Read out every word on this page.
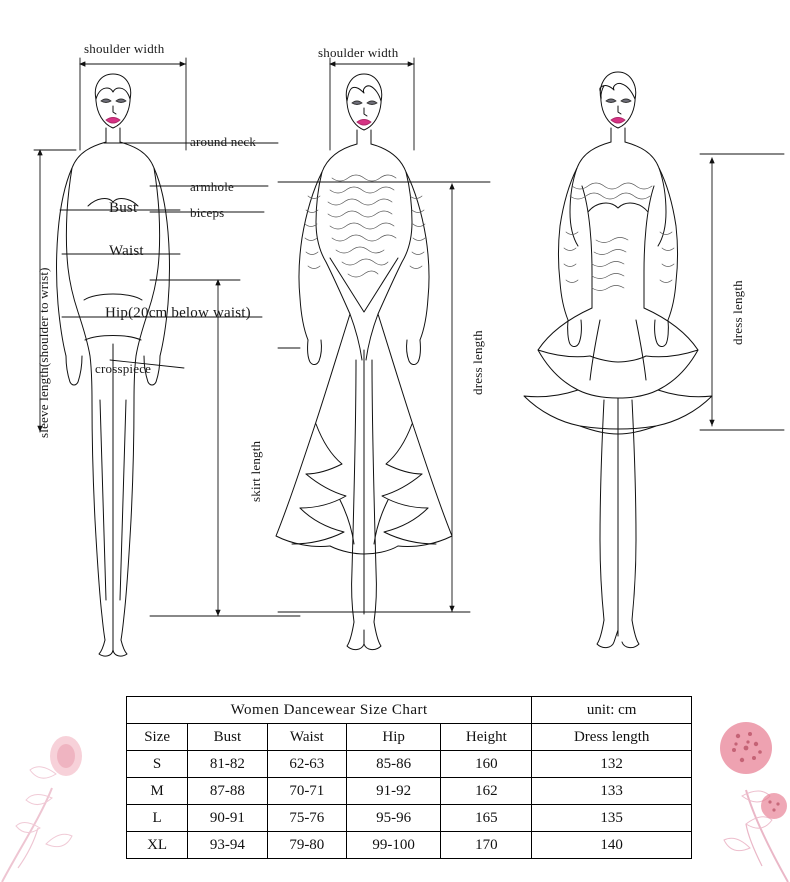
shoulder width
around neck
armhole
biceps
Bust
Waist
Hip(20cm below waist)
crosspiece
sleeve length(shoulder to wrist)
skirt length
shoulder width
dress length
dress length
Women Dancewear Size Chart					unit: cm
Size	Bust	Waist	Hip	Height	Dress length
S	81-82	62-63	85-86	160	132
M	87-88	70-71	91-92	162	133
L	90-91	75-76	95-96	165	135
XL	93-94	79-80	99-100	170	140
